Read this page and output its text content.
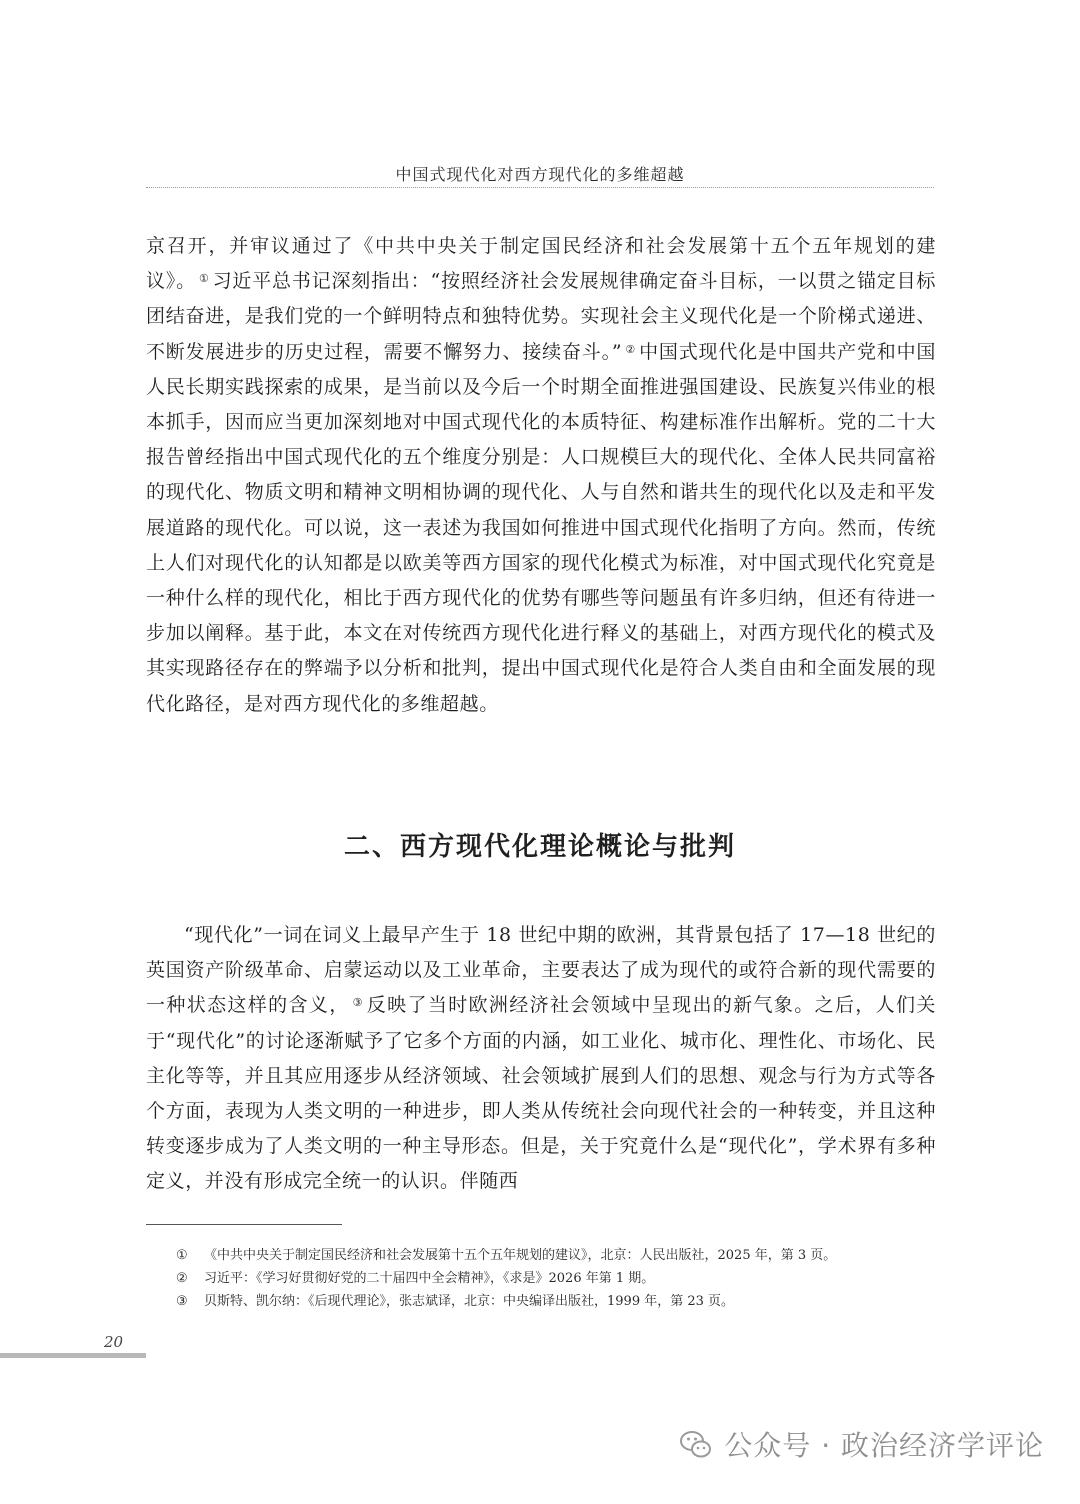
中国式现代化对西方现代化的多维超越

京召开，并审议通过了《中共中央关于制定国民经济和社会发展第十五个五年规划的建议》。 ① 习近平总书记深刻指出：“按照经济社会发展规律确定奋斗目标，一以贯之锚定目标团结奋进，是我们党的一个鲜明特点和独特优势。实现社会主义现代化是一个阶梯式递进、不断发展进步的历史过程，需要不懈努力、接续奋斗。” ② 中国式现代化是中国共产党和中国人民长期实践探索的成果，是当前以及今后一个时期全面推进强国建设、民族复兴伟业的根本抓手，因而应当更加深刻地对中国式现代化的本质特征、构建标准作出解析。党的二十大报告曾经指出中国式现代化的五个维度分别是：人口规模巨大的现代化、全体人民共同富裕的现代化、物质文明和精神文明相协调的现代化、人与自然和谐共生的现代化以及走和平发展道路的现代化。可以说，这一表述为我国如何推进中国式现代化指明了方向。然而，传统上人们对现代化的认知都是以欧美等西方国家的现代化模式为标准，对中国式现代化究竟是一种什么样的现代化，相比于西方现代化的优势有哪些等问题虽有许多归纳，但还有待进一步加以阐释。基于此，本文在对传统西方现代化进行释义的基础上，对西方现代化的模式及其实现路径存在的弊端予以分析和批判，提出中国式现代化是符合人类自由和全面发展的现代化路径，是对西方现代化的多维超越。

二、西方现代化理论概论与批判

“现代化”一词在词义上最早产生于 18 世纪中期的欧洲，其背景包括了 17—18 世纪的英国资产阶级革命、启蒙运动以及工业革命，主要表达了成为现代的或符合新的现代需要的一种状态这样的含义， ③ 反映了当时欧洲经济社会领域中呈现出的新气象。之后，人们关于“现代化”的讨论逐渐赋予了它多个方面的内涵，如工业化、城市化、理性化、市场化、民主化等等，并且其应用逐步从经济领域、社会领域扩展到人们的思想、观念与行为方式等各个方面，表现为人类文明的一种进步，即人类从传统社会向现代社会的一种转变，并且这种转变逐步成为了人类文明的一种主导形态。但是，关于究竟什么是“现代化”，学术界有多种定义，并没有形成完全统一的认识。伴随西

① 《中共中央关于制定国民经济和社会发展第十五个五年规划的建议》，北京：人民出版社，2025 年，第 3 页。
② 习近平：《学习好贯彻好党的二十届四中全会精神》，《求是》2026 年第 1 期。
③ 贝斯特、凯尔纳：《后现代理论》，张志斌译，北京：中央编译出版社，1999 年，第 23 页。
20
公众号 · 政治经济学评论
